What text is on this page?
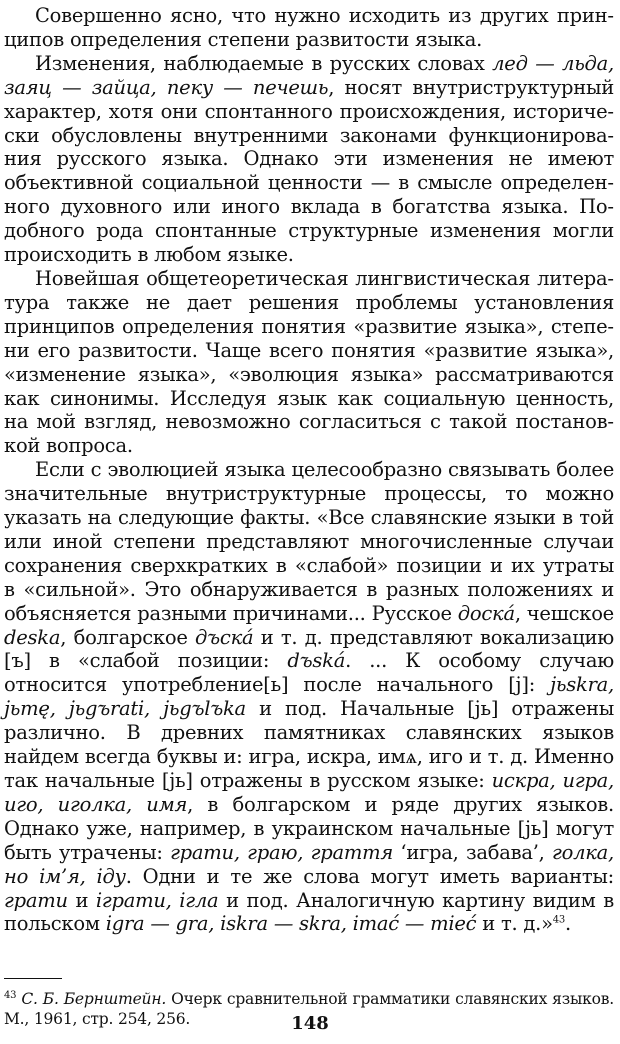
Совершенно ясно, что нужно исходить из других принципов определения степени развитости языка.

Изменения, наблюдаемые в русских словах лед — льда, заяц — зайца, пеку — печешь, носят внутриструктурный характер, хотя они спонтанного происхождения, исторически обусловлены внутренними законами функционирования русского языка. Однако эти изменения не имеют объективной социальной ценности — в смысле определенного духовного или иного вклада в богатства языка. Подобного рода спонтанные структурные изменения могли происходить в любом языке.

Новейшая общетеоретическая лингвистическая литература также не дает решения проблемы установления принципов определения понятия «развитие языка», степени его развитости. Чаще всего понятия «развитие языка», «изменение языка», «эволюция языка» рассматриваются как синонимы. Исследуя язык как социальную ценность, на мой взгляд, невозможно согласиться с такой постановкой вопроса.

Если с эволюцией языка целесообразно связывать более значительные внутриструктурные процессы, то можно указать на следующие факты. «Все славянские языки в той или иной степени представляют многочисленные случаи сохранения сверхкратких в «слабой» позиции и их утраты в «сильной». Это обнаруживается в разных положениях и объясняется разными причинами... Русское доска́, чешское deska, болгарское дъска́ и т. д. представляют вокализацию [ъ] в «слабой позиции: dъská. ... К особому случаю относится употребление[ь] после начального [j]: jьskra, jьmę, jьgъrati, jьgъlъka и под. Начальные [jь] отражены различно. В древних памятниках славянских языков найдем всегда буквы и: игра, искра, имѧ, иго и т. д. Именно так начальные [jь] отражены в русском языке: искра, игра, иго, иголка, имя, в болгарском и ряде других языков. Однако уже, например, в украинском начальные [jь] могут быть утрачены: грати, граю, граття ‘игра, забава’, голка, но ім’я, іду. Одни и те же слова могут иметь варианты: грати и іграти, ігла и под. Аналогичную картину видим в польском igra — gra, iskra — skra, imać — mieć и т. д.»$^{43}$.

$^{43}$ С. Б. Бернштейн. Очерк сравнительной грамматики славянских языков. М., 1961, стр. 254, 256.	148
